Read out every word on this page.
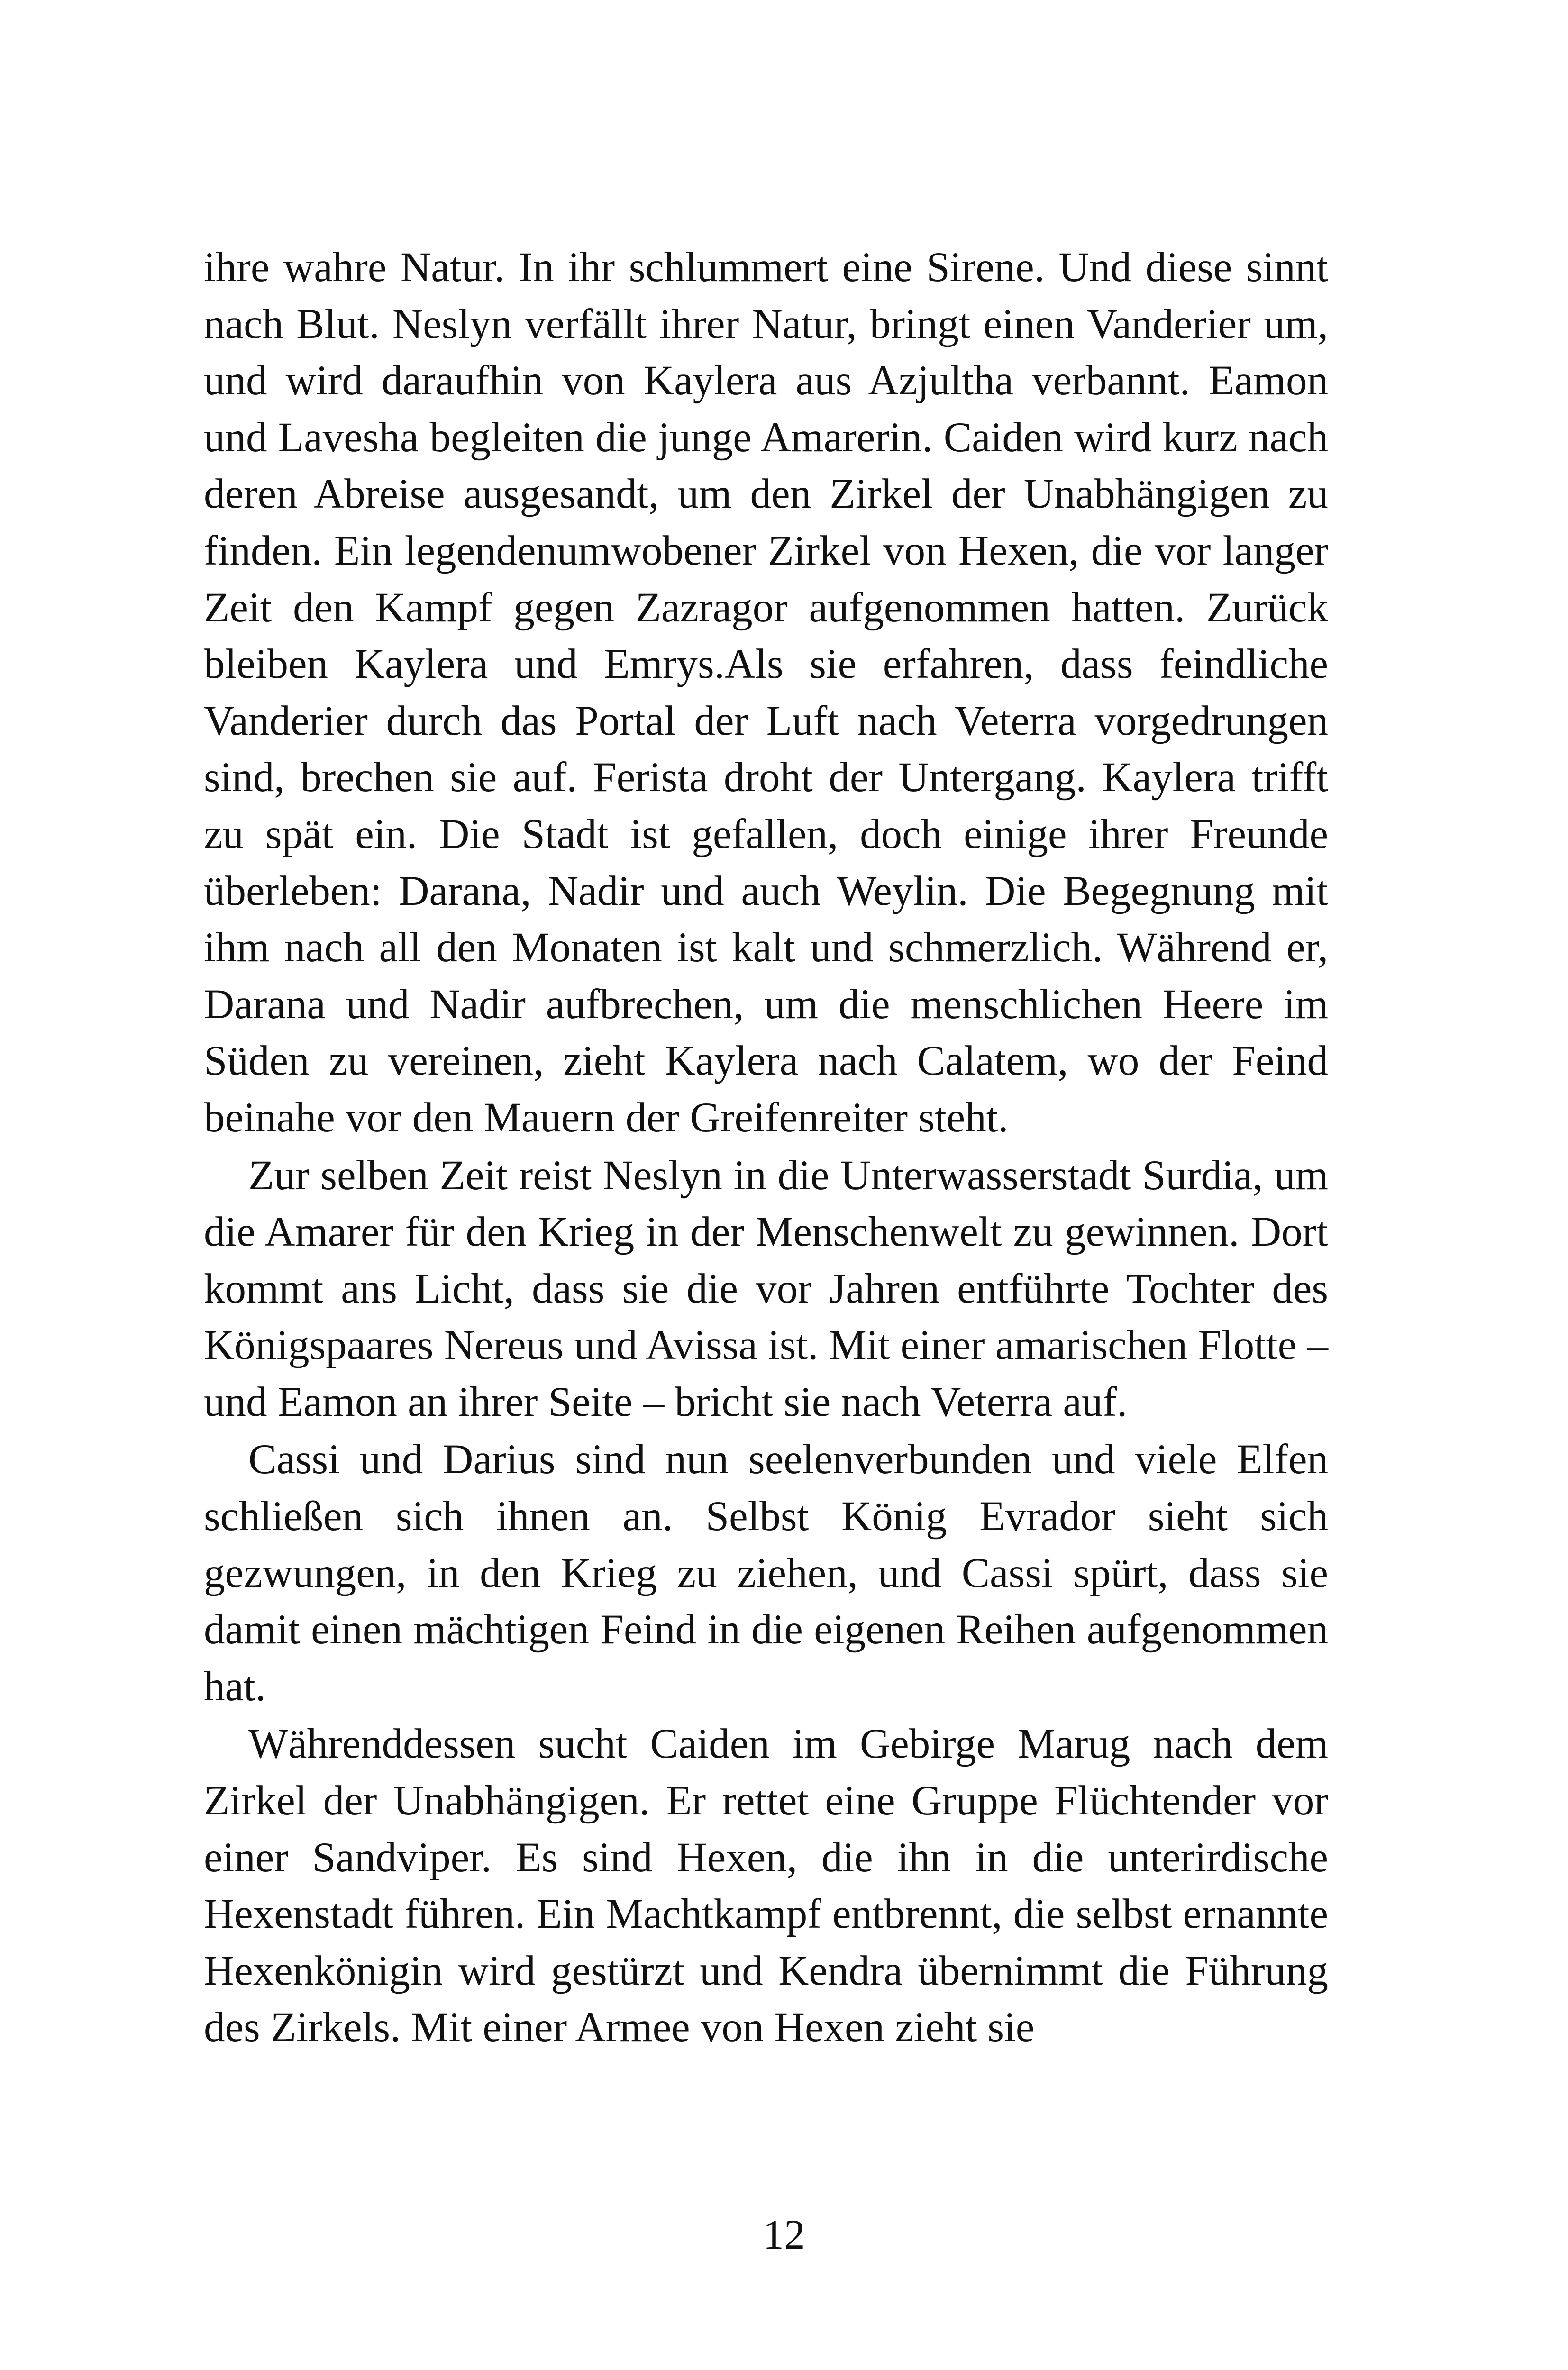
ihre wahre Natur. In ihr schlummert eine Sirene. Und diese sinnt nach Blut. Neslyn verfällt ihrer Natur, bringt einen Vanderier um, und wird daraufhin von Kaylera aus Azjultha verbannt. Eamon und Lavesha begleiten die junge Amarerin. Caiden wird kurz nach deren Abreise ausgesandt, um den Zirkel der Unabhängigen zu finden. Ein legendenumwobener Zirkel von Hexen, die vor langer Zeit den Kampf gegen Zazragor aufgenommen hatten. Zurück bleiben Kaylera und Emrys.Als sie erfahren, dass feindliche Vanderier durch das Portal der Luft nach Veterra vorgedrungen sind, brechen sie auf. Ferista droht der Untergang. Kaylera trifft zu spät ein. Die Stadt ist gefallen, doch einige ihrer Freunde überleben: Darana, Nadir und auch Weylin. Die Begegnung mit ihm nach all den Monaten ist kalt und schmerzlich. Während er, Darana und Nadir aufbrechen, um die menschlichen Heere im Süden zu vereinen, zieht Kaylera nach Calatem, wo der Feind beinahe vor den Mauern der Greifenreiter steht.

Zur selben Zeit reist Neslyn in die Unterwasserstadt Surdia, um die Amarer für den Krieg in der Menschenwelt zu gewinnen. Dort kommt ans Licht, dass sie die vor Jahren entführte Tochter des Königspaares Nereus und Avissa ist. Mit einer amarischen Flotte – und Eamon an ihrer Seite – bricht sie nach Veterra auf.

Cassi und Darius sind nun seelenverbunden und viele Elfen schließen sich ihnen an. Selbst König Evrador sieht sich gezwungen, in den Krieg zu ziehen, und Cassi spürt, dass sie damit einen mächtigen Feind in die eigenen Reihen aufgenommen hat.

Währenddessen sucht Caiden im Gebirge Marug nach dem Zirkel der Unabhängigen. Er rettet eine Gruppe Flüchtender vor einer Sandviper. Es sind Hexen, die ihn in die unterirdische Hexenstadt führen. Ein Machtkampf entbrennt, die selbst ernannte Hexenkönigin wird gestürzt und Kendra übernimmt die Führung des Zirkels. Mit einer Armee von Hexen zieht sie

12
